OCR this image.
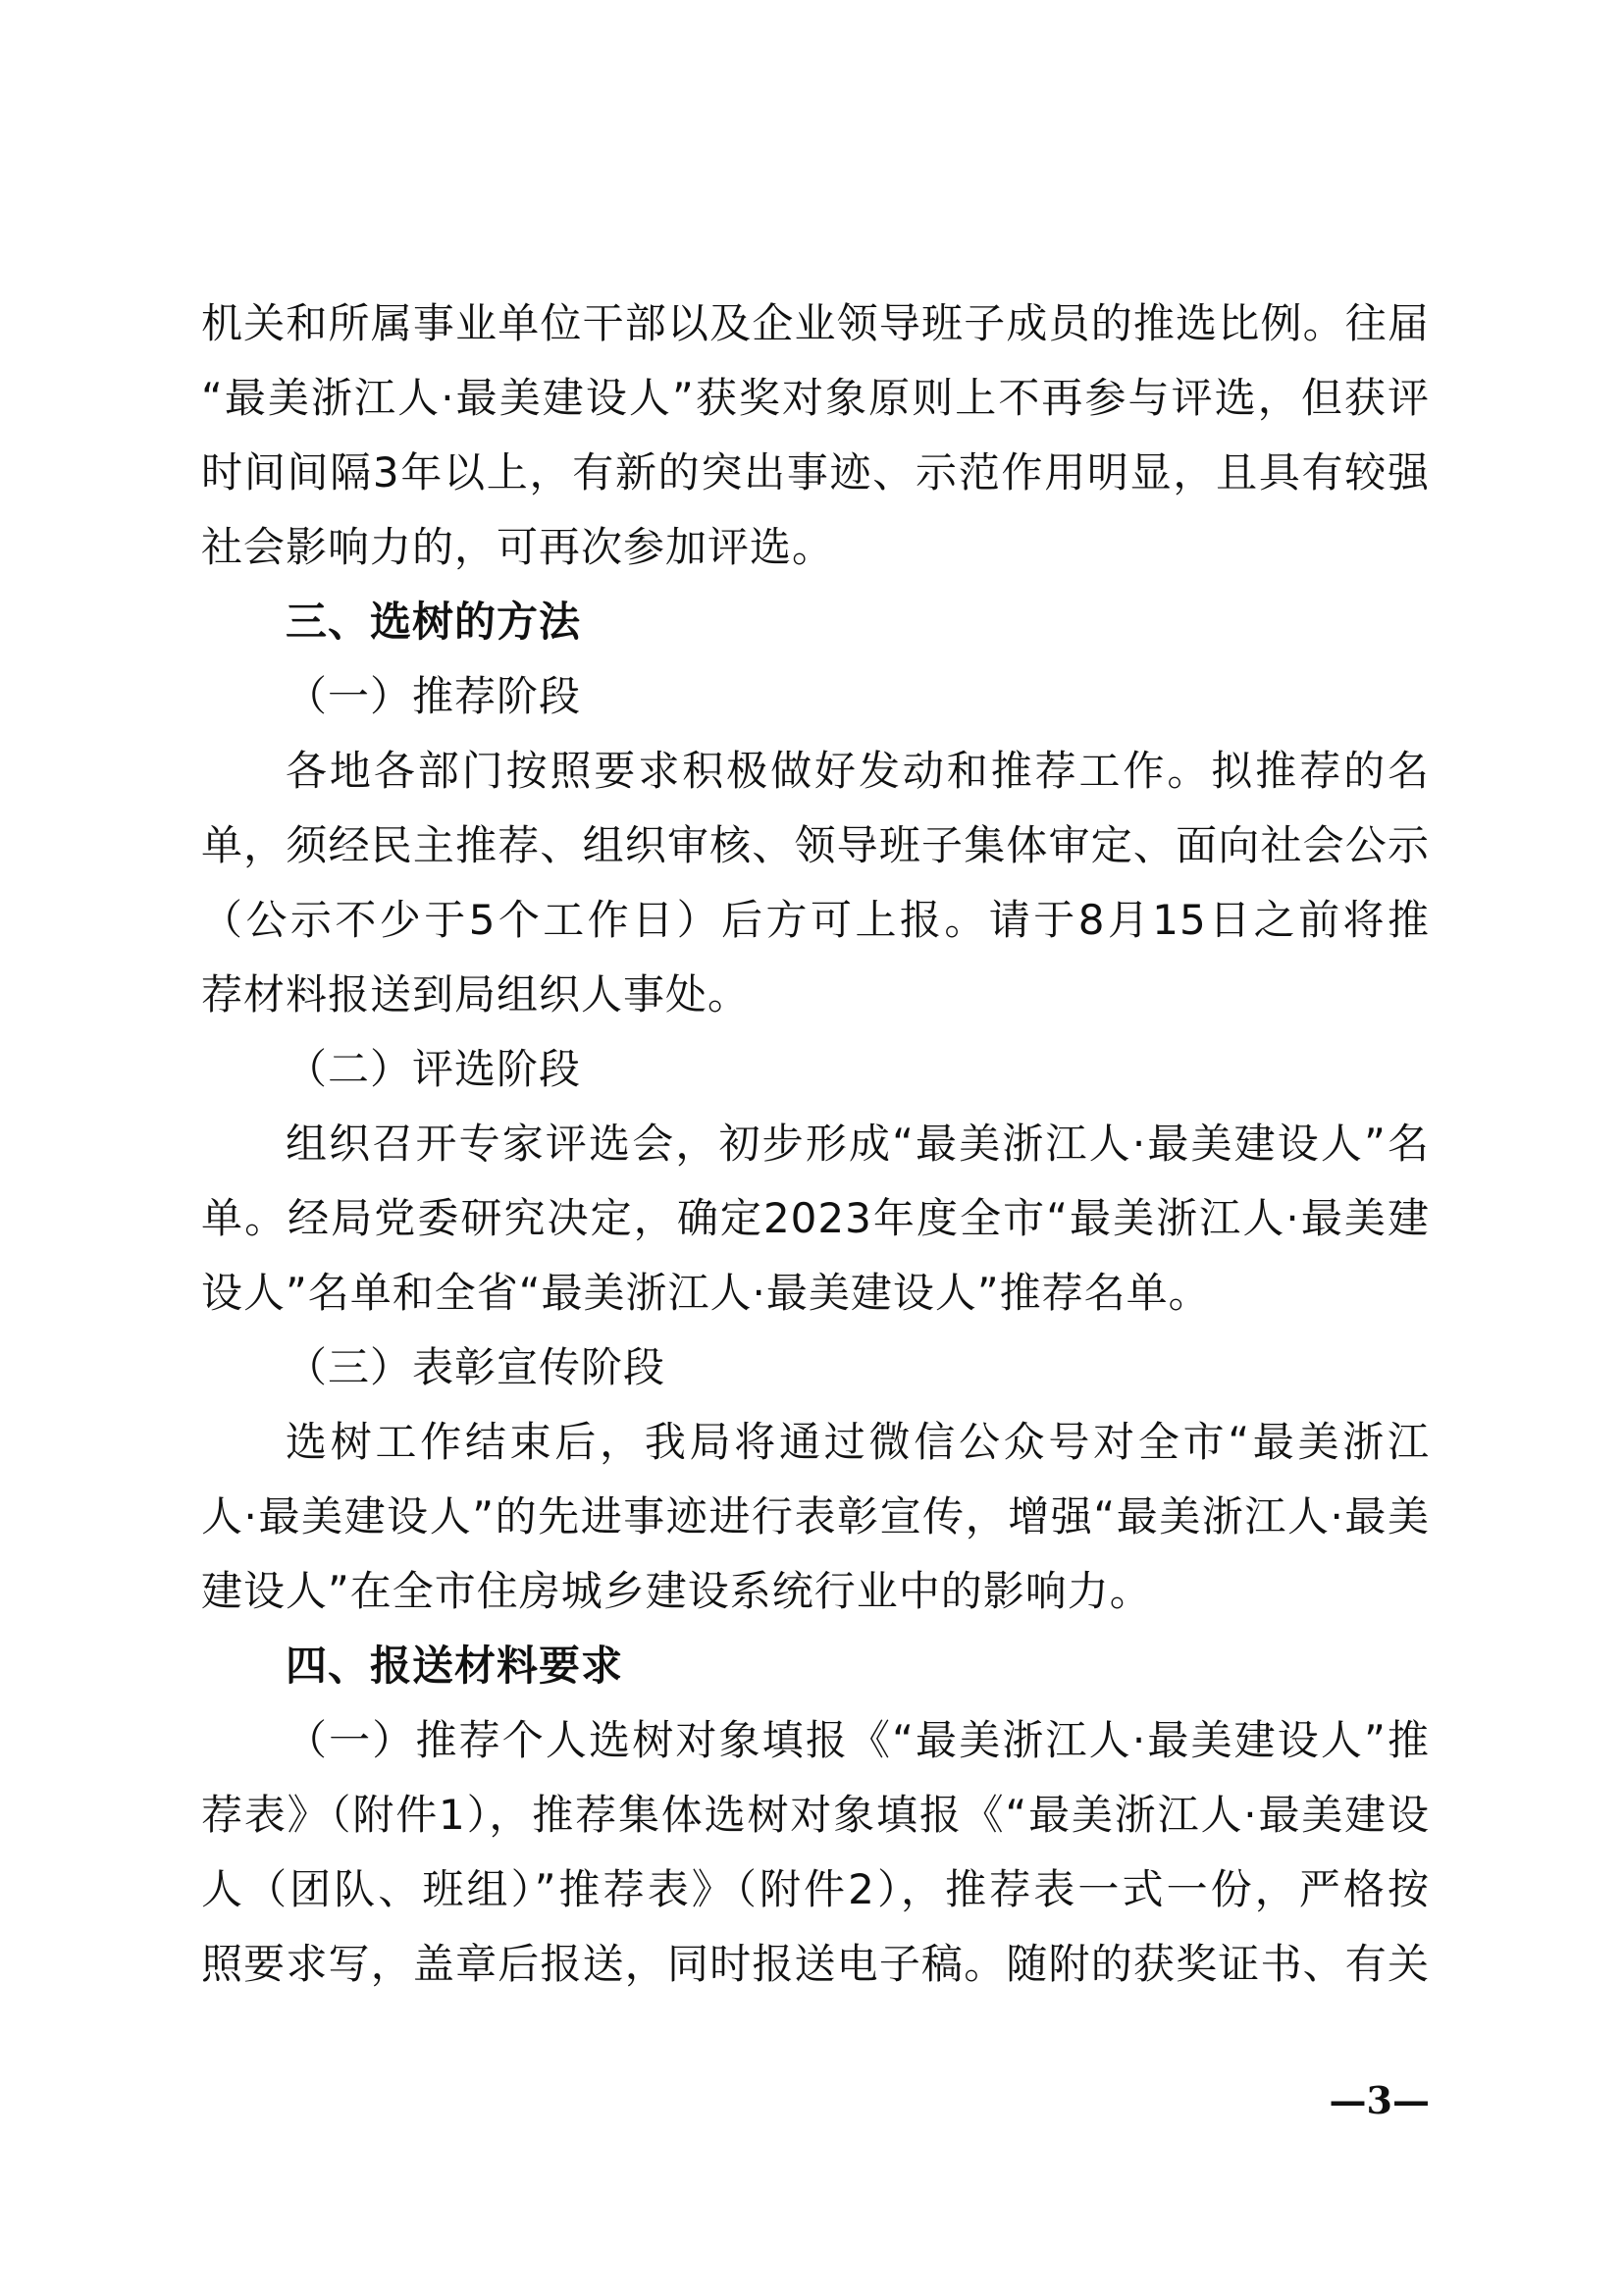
机关和所属事业单位干部以及企业领导班子成员的推选比例。往届
“最美浙江人·最美建设人”获奖对象原则上不再参与评选，但获评
时间间隔3年以上，有新的突出事迹、示范作用明显，且具有较强
社会影响力的，可再次参加评选。
三、选树的方法
（一）推荐阶段
各地各部门按照要求积极做好发动和推荐工作。拟推荐的名
单，须经民主推荐、组织审核、领导班子集体审定、面向社会公示
（公示不少于5个工作日）后方可上报。请于8月15日之前将推
荐材料报送到局组织人事处。
（二）评选阶段
组织召开专家评选会，初步形成“最美浙江人·最美建设人”名
单。经局党委研究决定，确定2023年度全市“最美浙江人·最美建
设人”名单和全省“最美浙江人·最美建设人”推荐名单。
（三）表彰宣传阶段
选树工作结束后，我局将通过微信公众号对全市“最美浙江
人·最美建设人”的先进事迹进行表彰宣传，增强“最美浙江人·最美
建设人”在全市住房城乡建设系统行业中的影响力。
四、报送材料要求
（一）推荐个人选树对象填报《“最美浙江人·最美建设人”推
荐表》（附件1），推荐集体选树对象填报《“最美浙江人·最美建设
人（团队、班组）”推荐表》（附件2），推荐表一式一份，严格按
照要求写，盖章后报送，同时报送电子稿。随附的获奖证书、有关
—3—
